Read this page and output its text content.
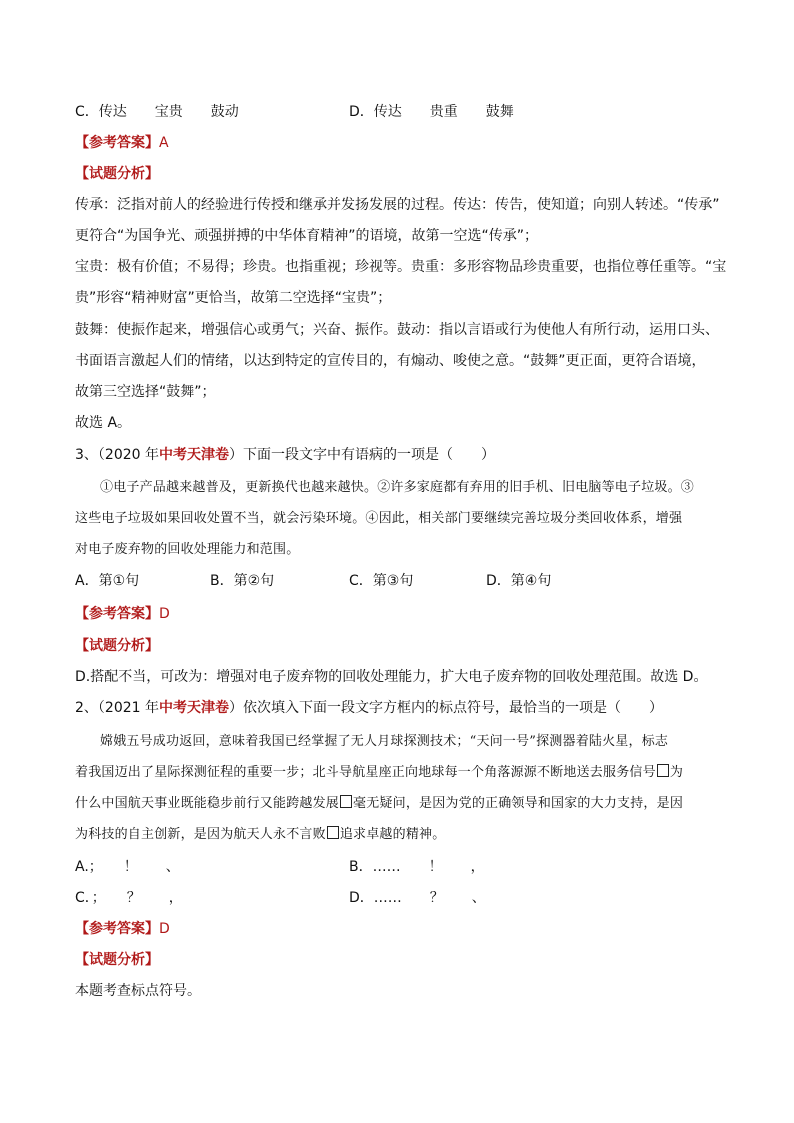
C．传达　　宝贵　　鼓动	D．传达　　贵重　　鼓舞
【参考答案】A
【试题分析】
传承：泛指对前人的经验进行传授和继承并发扬发展的过程。传达：传告，使知道；向别人转述。“传承”
更符合“为国争光、顽强拼搏的中华体育精神”的语境，故第一空选“传承”；
宝贵：极有价值；不易得；珍贵。也指重视；珍视等。贵重：多形容物品珍贵重要，也指位尊任重等。“宝
贵”形容“精神财富”更恰当，故第二空选择“宝贵”；
鼓舞：使振作起来，增强信心或勇气；兴奋、振作。鼓动：指以言语或行为使他人有所行动，运用口头、
书面语言激起人们的情绪，以达到特定的宣传目的，有煽动、唆使之意。“鼓舞”更正面，更符合语境，
故第三空选择“鼓舞”；
故选 A。
3、（2020 年中考天津卷）下面一段文字中有语病的一项是（　　）
①电子产品越来越普及，更新换代也越来越快。②许多家庭都有弃用的旧手机、旧电脑等电子垃圾。③
这些电子垃圾如果回收处置不当，就会污染环境。④因此，相关部门要继续完善垃圾分类回收体系，增强
对电子废弃物的回收处理能力和范围。
A．第①句	B．第②句	C．第③句	D．第④句
【参考答案】D
【试题分析】
D.搭配不当，可改为：增强对电子废弃物的回收处理能力，扩大电子废弃物的回收处理范围。故选 D。
2、（2021 年中考天津卷）依次填入下面一段文字方框内的标点符号，最恰当的一项是（　　）
嫦娥五号成功返回，意味着我国已经掌握了无人月球探测技术；“天问一号”探测器着陆火星，标志
着我国迈出了星际探测征程的重要一步；北斗导航星座正向地球每一个角落源源不断地送去服务信号 为
什么中国航天事业既能稳步前行又能跨越发展 毫无疑问，是因为党的正确领导和国家的大力支持，是因
为科技的自主创新，是因为航天人永不言败 追求卓越的精神。
A.；　　！　　、	B．……　　！　　，
C．；　　？　　，	D．……　　？　　、
【参考答案】D
【试题分析】
本题考查标点符号。
